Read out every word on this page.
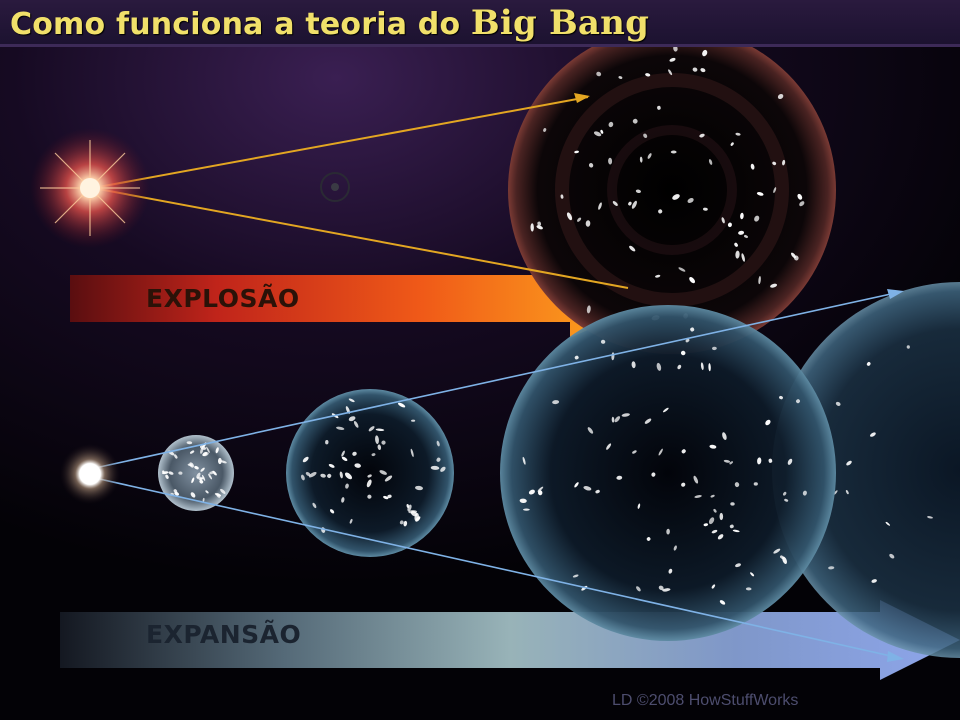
Como funciona a teoria do Big Bang
EXPLOSÃO
EXPANSÃO
LD ©2008 HowStuffWorks
